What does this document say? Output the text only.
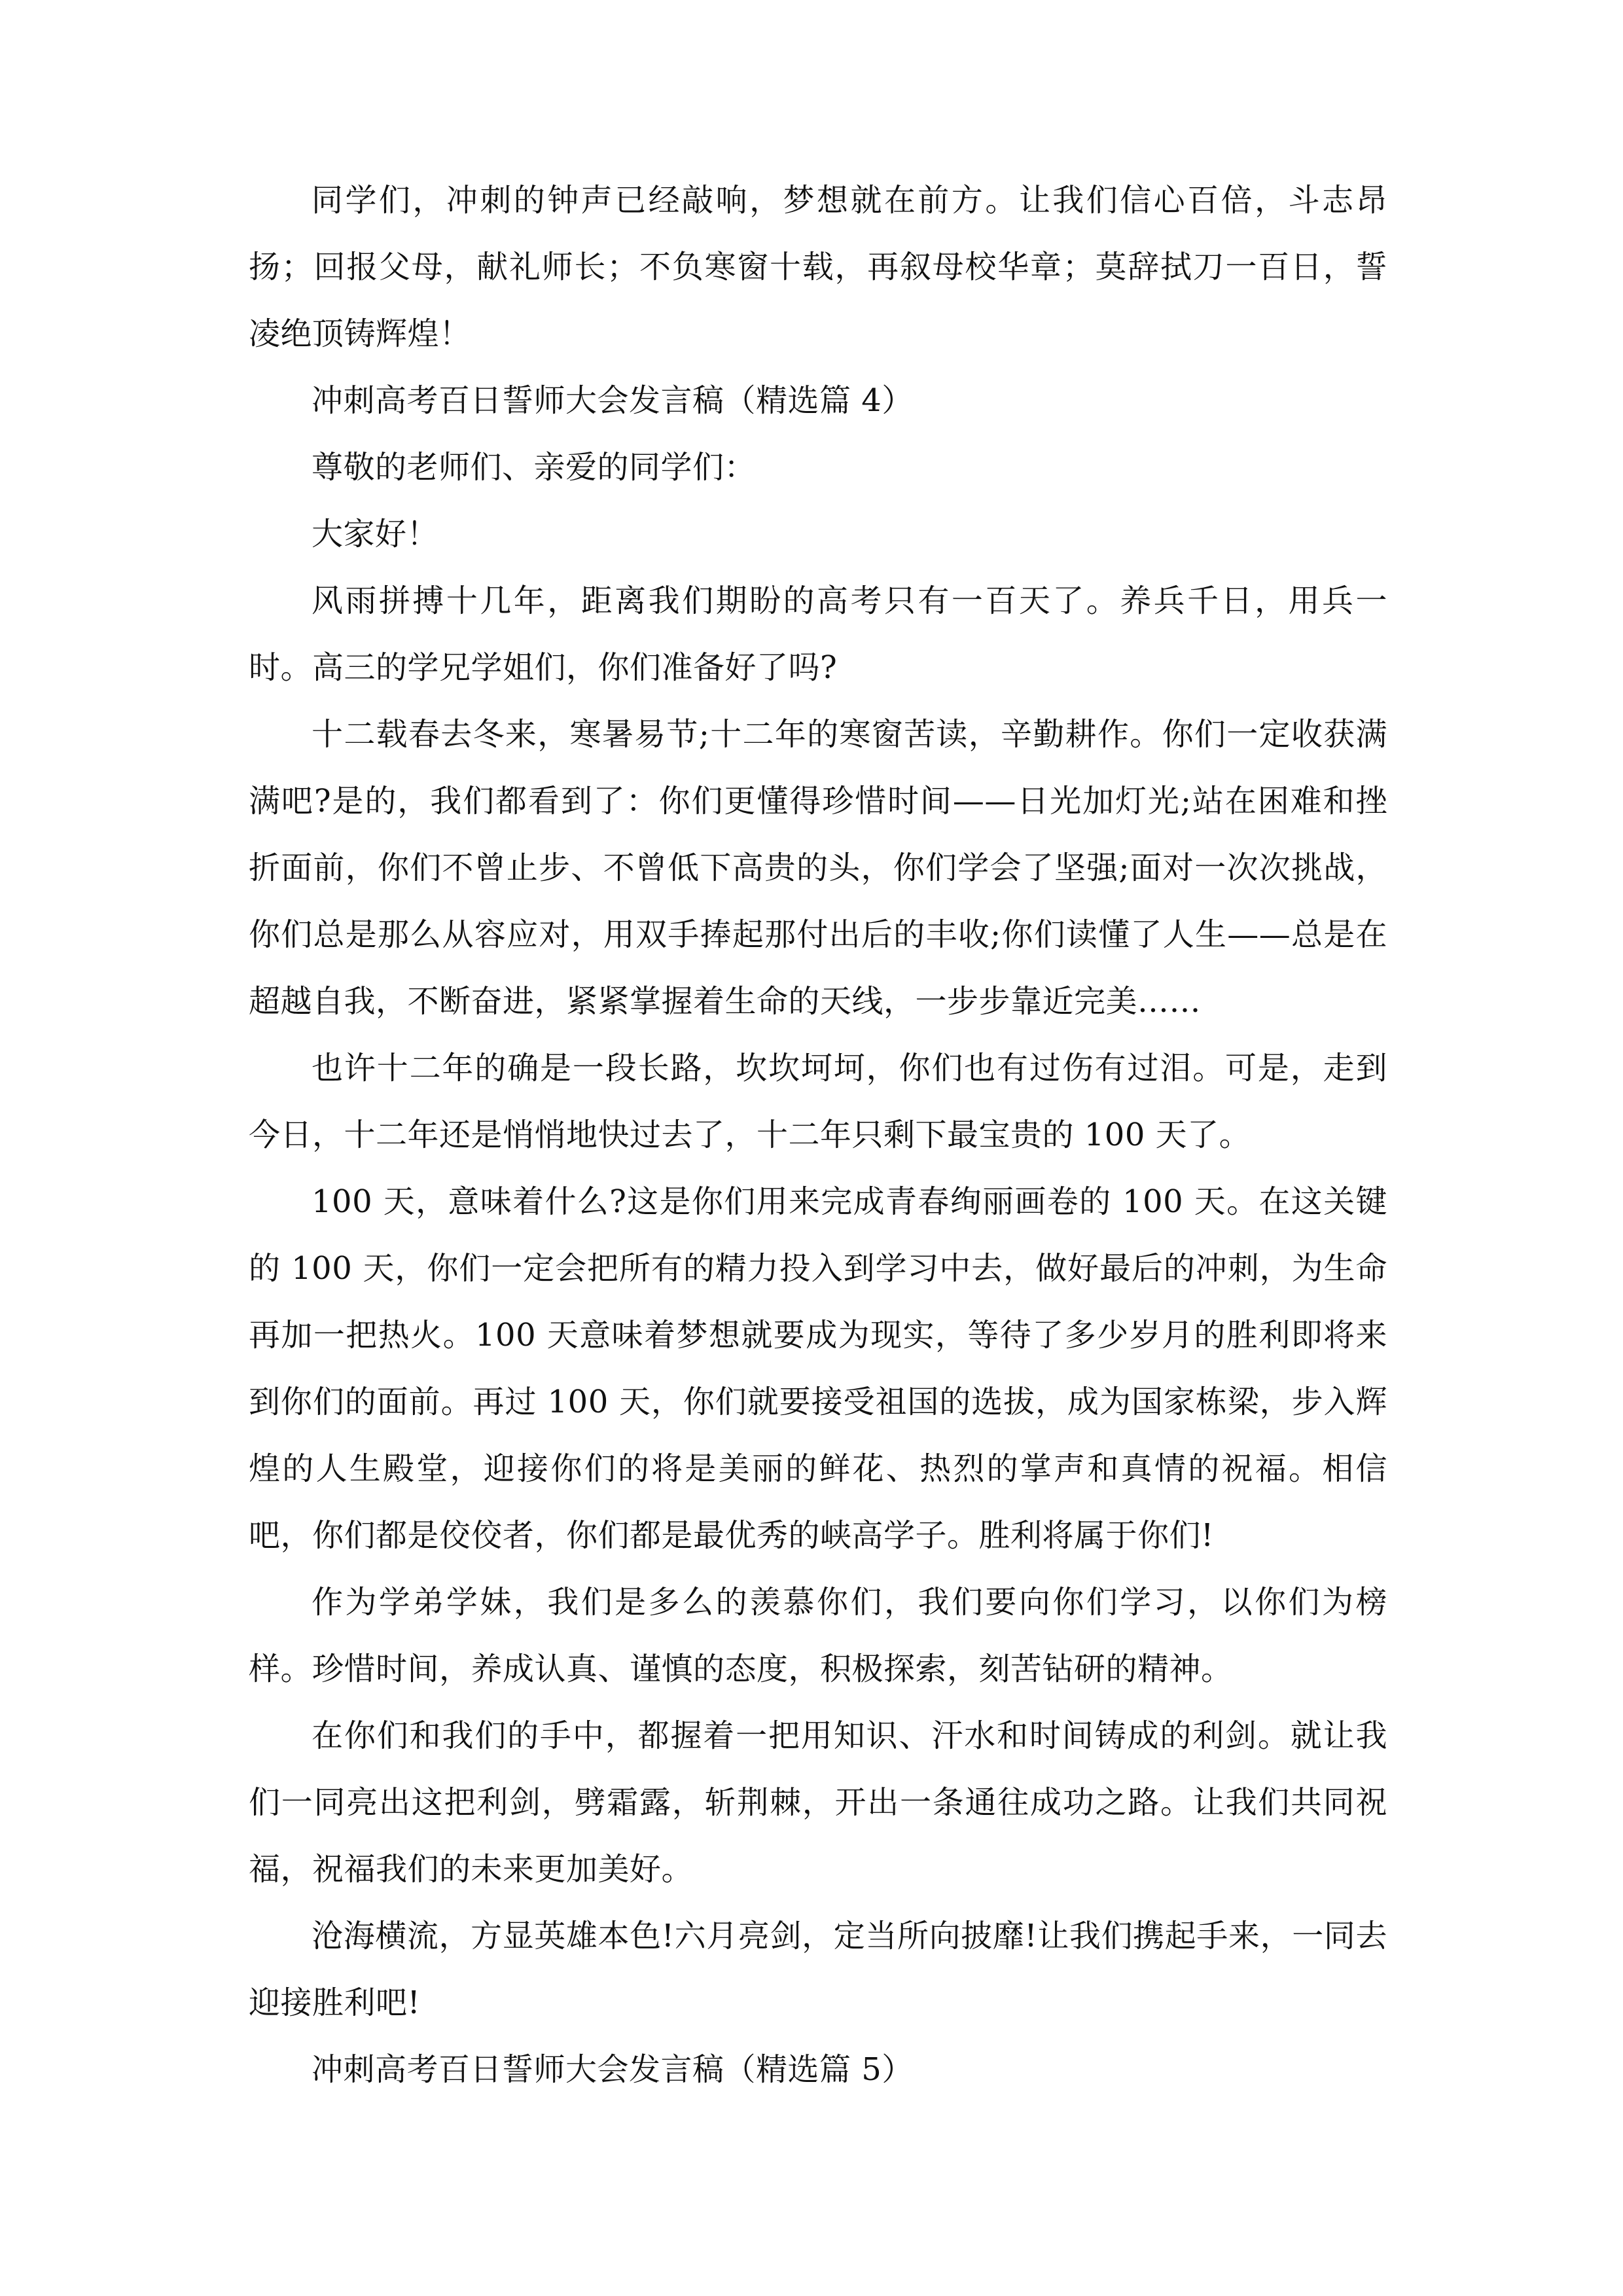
同学们，冲刺的钟声已经敲响，梦想就在前方。让我们信心百倍，斗志昂扬；回报父母，献礼师长；不负寒窗十载，再叙母校华章；莫辞拭刀一百日，誓凌绝顶铸辉煌！

冲刺高考百日誓师大会发言稿（精选篇 4）

尊敬的老师们、亲爱的同学们：

大家好！

风雨拼搏十几年，距离我们期盼的高考只有一百天了。养兵千日，用兵一时。高三的学兄学姐们，你们准备好了吗?

十二载春去冬来，寒暑易节;十二年的寒窗苦读，辛勤耕作。你们一定收获满满吧?是的，我们都看到了：你们更懂得珍惜时间——日光加灯光;站在困难和挫折面前，你们不曾止步、不曾低下高贵的头，你们学会了坚强;面对一次次挑战，你们总是那么从容应对，用双手捧起那付出后的丰收;你们读懂了人生——总是在超越自我，不断奋进，紧紧掌握着生命的天线，一步步靠近完美……

也许十二年的确是一段长路，坎坎坷坷，你们也有过伤有过泪。可是，走到今日，十二年还是悄悄地快过去了，十二年只剩下最宝贵的 100 天了。

100 天，意味着什么?这是你们用来完成青春绚丽画卷的 100 天。在这关键的 100 天，你们一定会把所有的精力投入到学习中去，做好最后的冲刺，为生命再加一把热火。100 天意味着梦想就要成为现实，等待了多少岁月的胜利即将来到你们的面前。再过 100 天，你们就要接受祖国的选拔，成为国家栋梁，步入辉煌的人生殿堂，迎接你们的将是美丽的鲜花、热烈的掌声和真情的祝福。相信吧，你们都是佼佼者，你们都是最优秀的峡高学子。胜利将属于你们!

作为学弟学妹，我们是多么的羡慕你们，我们要向你们学习，以你们为榜样。珍惜时间，养成认真、谨慎的态度，积极探索，刻苦钻研的精神。

在你们和我们的手中，都握着一把用知识、汗水和时间铸成的利剑。就让我们一同亮出这把利剑，劈霜露，斩荆棘，开出一条通往成功之路。让我们共同祝福，祝福我们的未来更加美好。

沧海横流，方显英雄本色!六月亮剑，定当所向披靡!让我们携起手来，一同去迎接胜利吧!

冲刺高考百日誓师大会发言稿（精选篇 5）
